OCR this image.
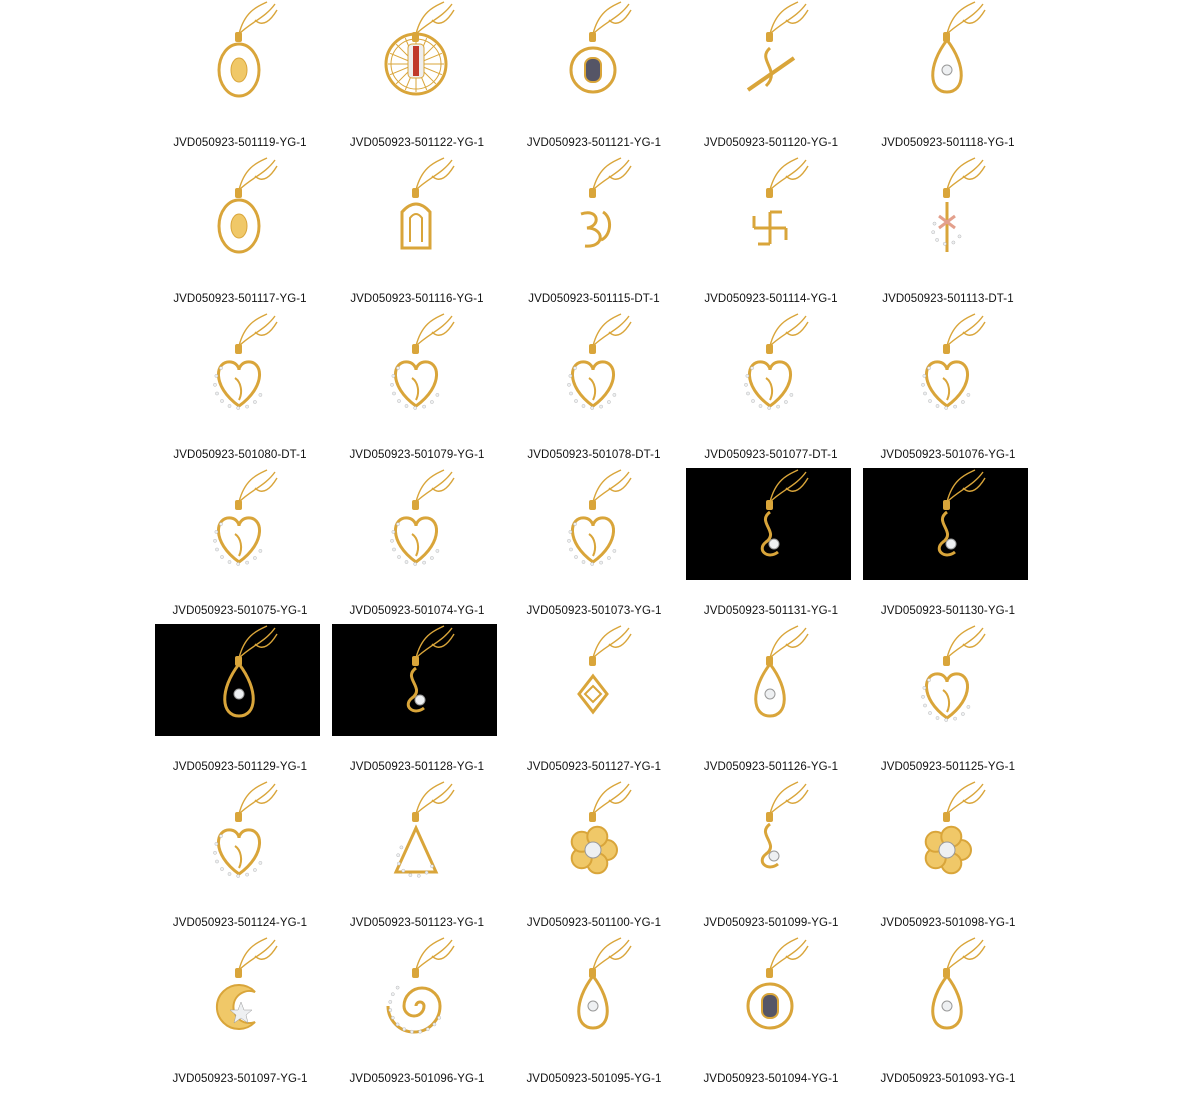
JVD050923-501119-YG-1	JVD050923-501122-YG-1	JVD050923-501121-YG-1	JVD050923-501120-YG-1	JVD050923-501118-YG-1
JVD050923-501117-YG-1	JVD050923-501116-YG-1	JVD050923-501115-DT-1	JVD050923-501114-YG-1	JVD050923-501113-DT-1
JVD050923-501080-DT-1	JVD050923-501079-YG-1	JVD050923-501078-DT-1	JVD050923-501077-DT-1	JVD050923-501076-YG-1
JVD050923-501075-YG-1	JVD050923-501074-YG-1	JVD050923-501073-YG-1	JVD050923-501131-YG-1	JVD050923-501130-YG-1
JVD050923-501129-YG-1	JVD050923-501128-YG-1	JVD050923-501127-YG-1	JVD050923-501126-YG-1	JVD050923-501125-YG-1
JVD050923-501124-YG-1	JVD050923-501123-YG-1	JVD050923-501100-YG-1	JVD050923-501099-YG-1	JVD050923-501098-YG-1
JVD050923-501097-YG-1	JVD050923-501096-YG-1	JVD050923-501095-YG-1	JVD050923-501094-YG-1	JVD050923-501093-YG-1
